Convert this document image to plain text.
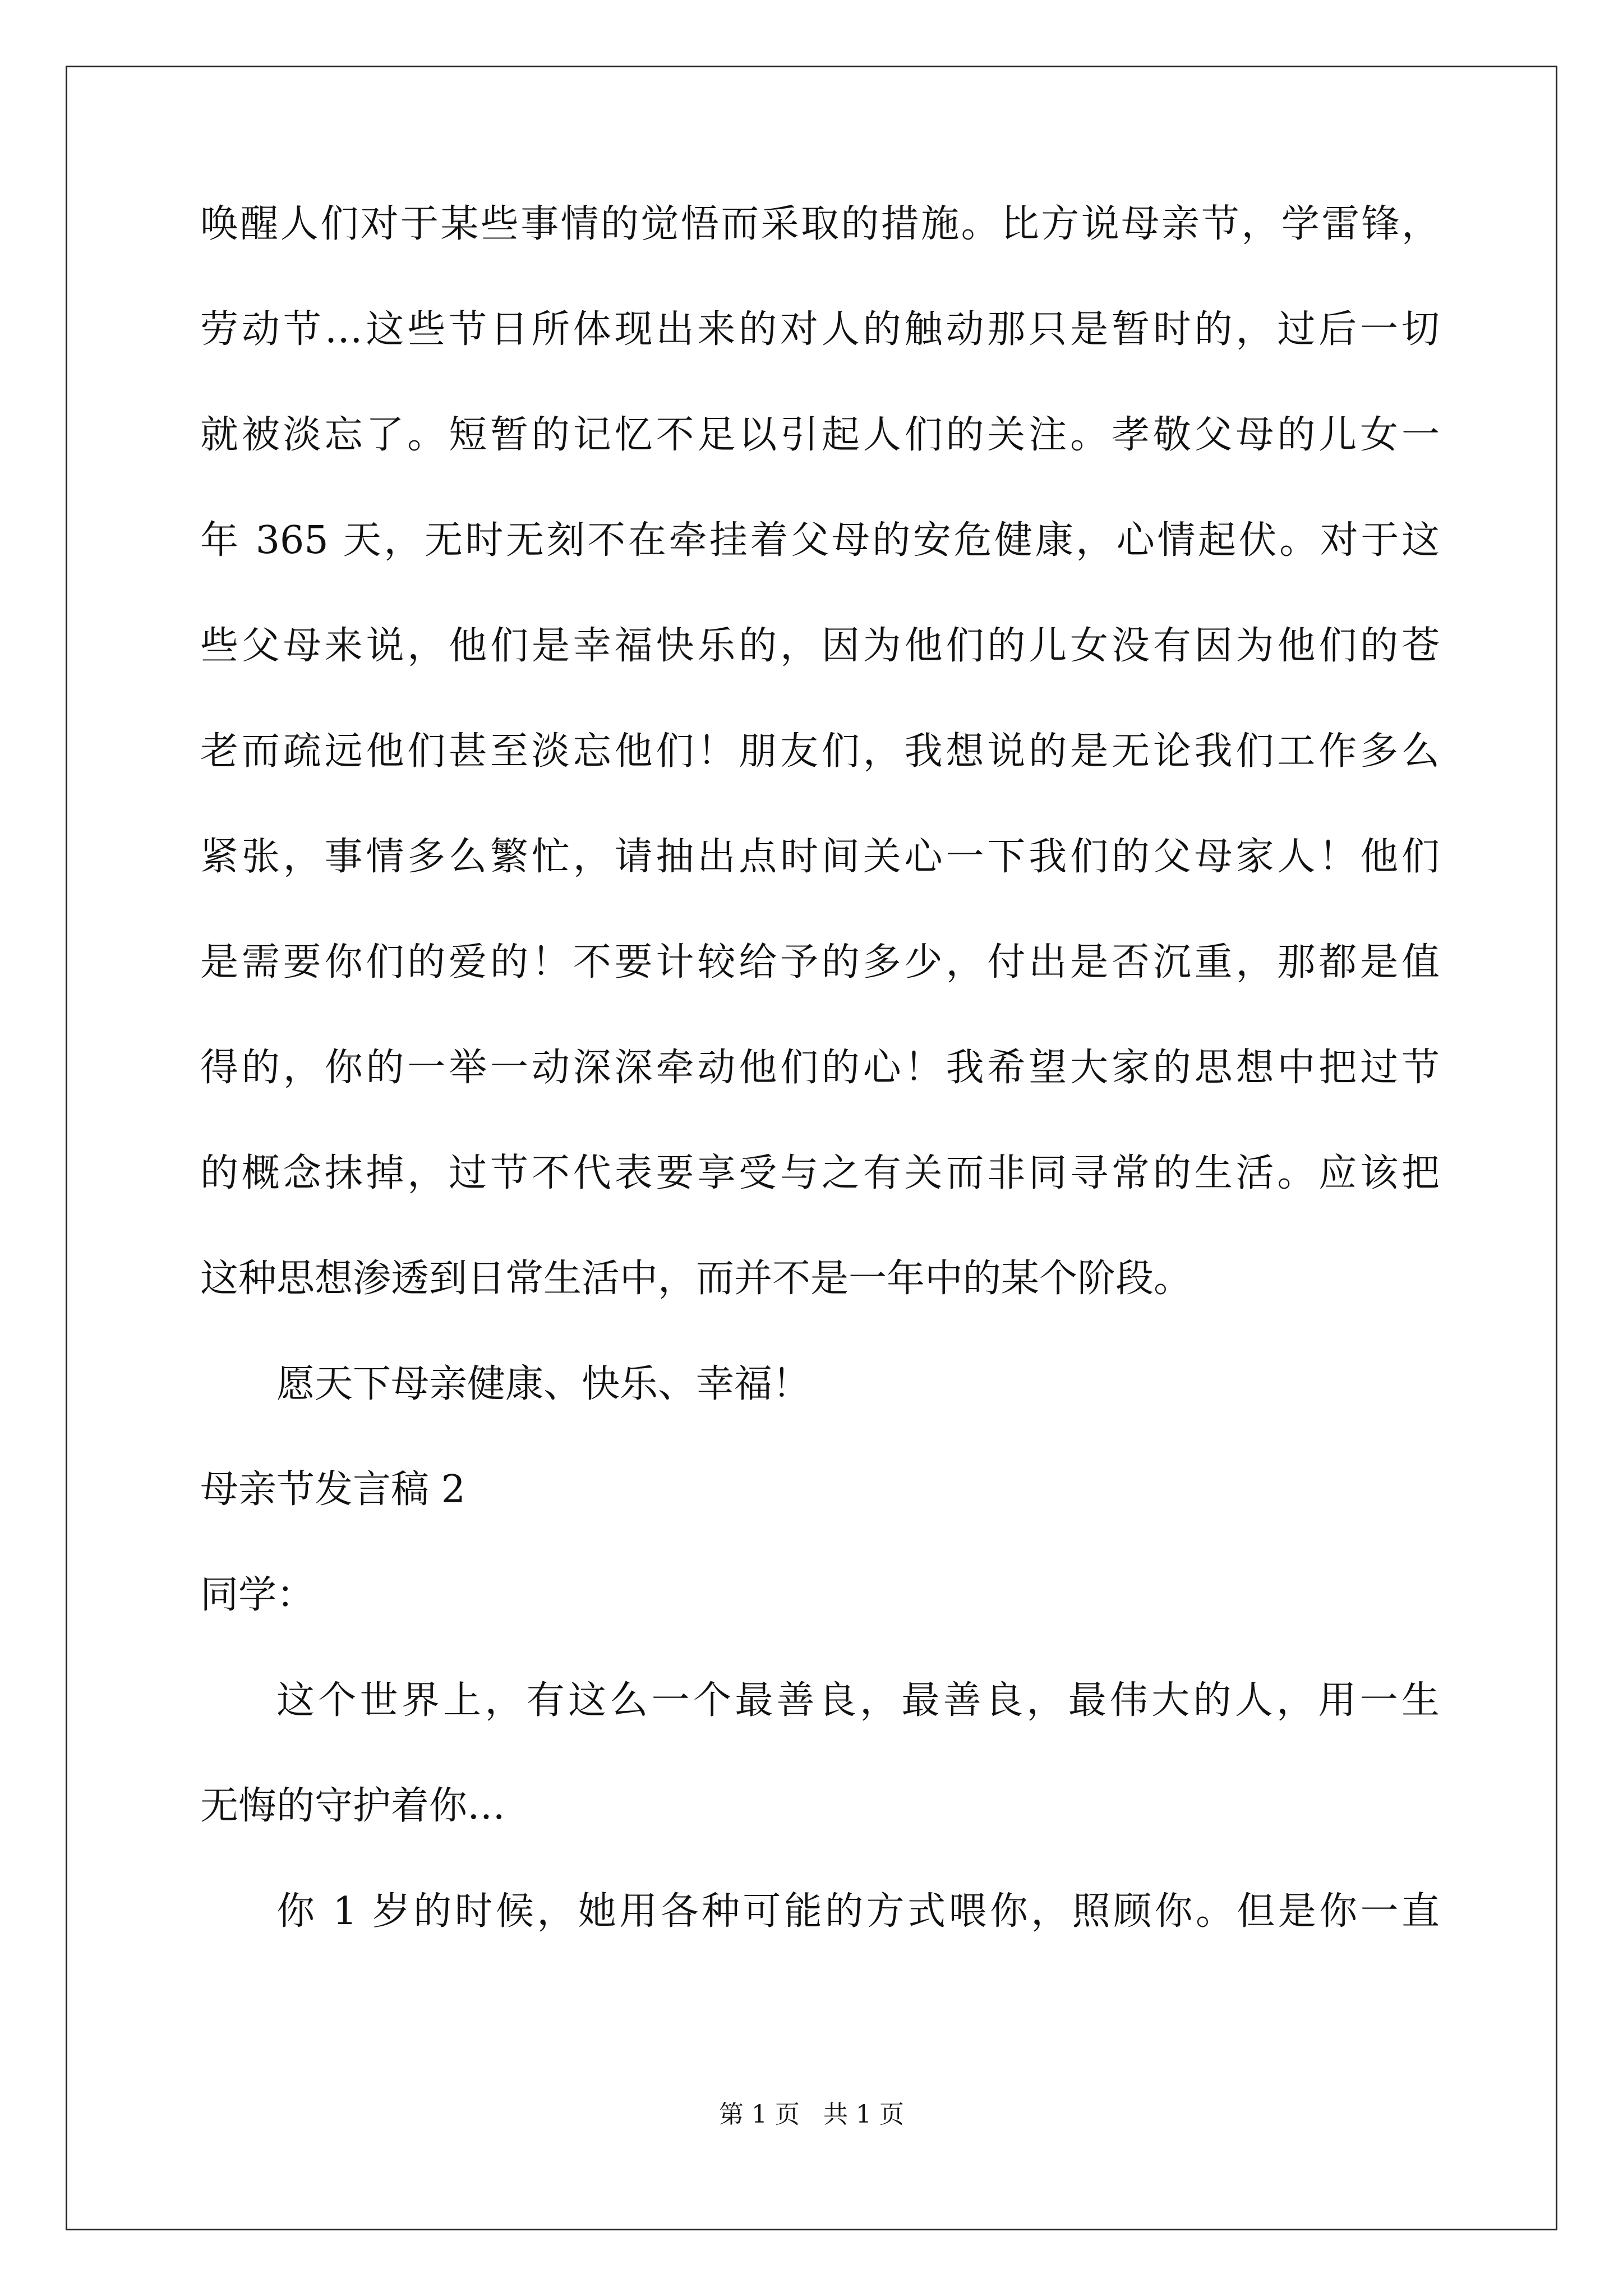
唤醒人们对于某些事情的觉悟而采取的措施。比方说母亲节，学雷锋，
劳动节…这些节日所体现出来的对人的触动那只是暂时的，过后一切
就被淡忘了。短暂的记忆不足以引起人们的关注。孝敬父母的儿女一
年 365 天，无时无刻不在牵挂着父母的安危健康，心情起伏。对于这
些父母来说，他们是幸福快乐的，因为他们的儿女没有因为他们的苍
老而疏远他们甚至淡忘他们！朋友们，我想说的是无论我们工作多么
紧张，事情多么繁忙，请抽出点时间关心一下我们的父母家人！他们
是需要你们的爱的！不要计较给予的多少，付出是否沉重，那都是值
得的，你的一举一动深深牵动他们的心！我希望大家的思想中把过节
的概念抹掉，过节不代表要享受与之有关而非同寻常的生活。应该把
这种思想渗透到日常生活中，而并不是一年中的某个阶段。
愿天下母亲健康、快乐、幸福！
母亲节发言稿 2
同学：
这个世界上，有这么一个最善良，最善良，最伟大的人，用一生
无悔的守护着你…
你 1 岁的时候，她用各种可能的方式喂你，照顾你。但是你一直
第 1 页   共 1 页
